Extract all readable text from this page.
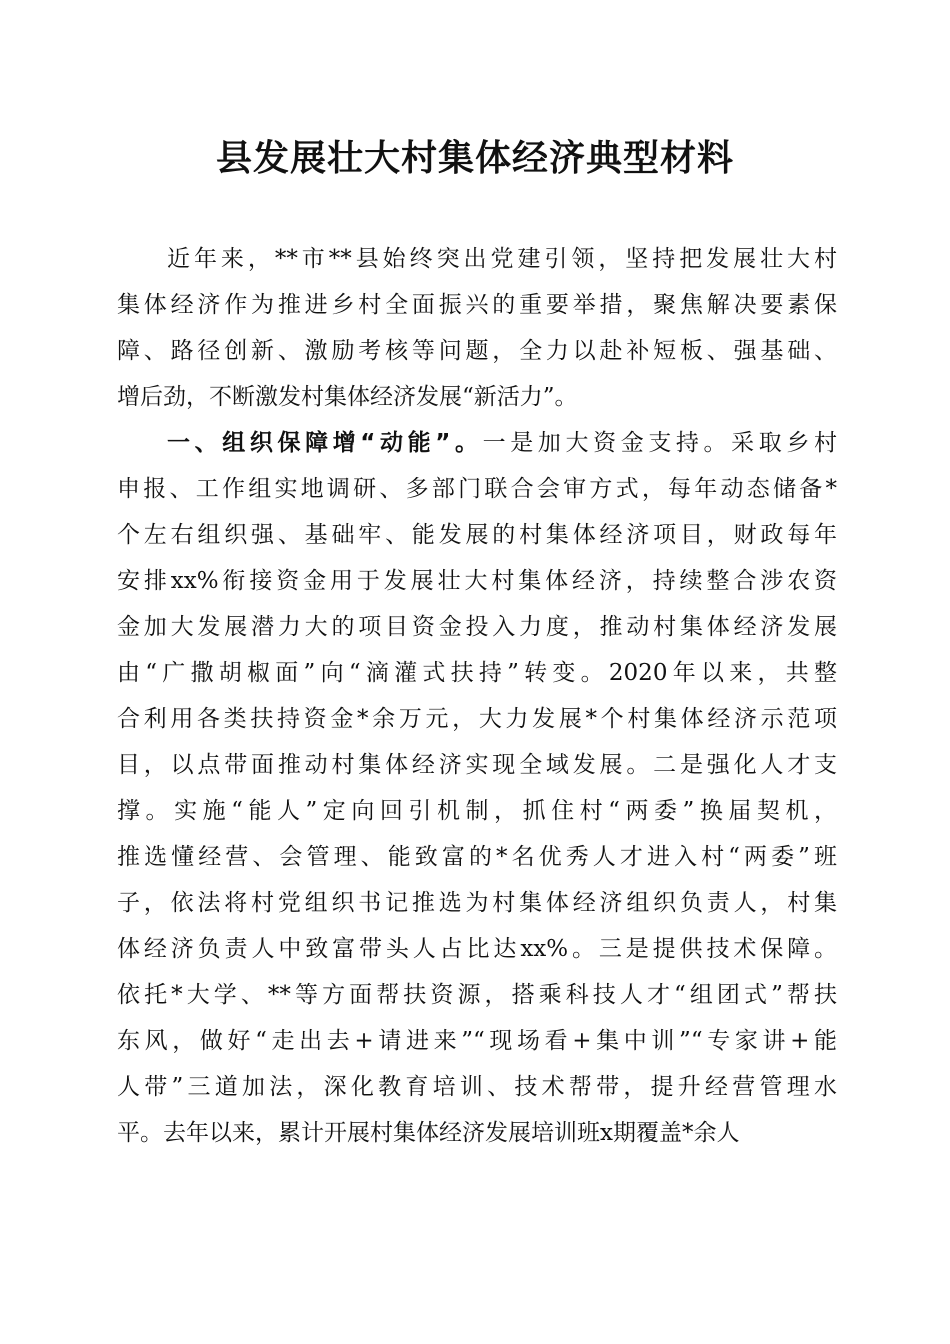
县发展壮大村集体经济典型材料
近年来，**市**县始终突出党建引领，坚持把发展壮大村
集体经济作为推进乡村全面振兴的重要举措，聚焦解决要素保
障、路径创新、激励考核等问题，全力以赴补短板、强基础、
增后劲，不断激发村集体经济发展“新活力”。
一、组织保障增“动能”。一是加大资金支持。采取乡村
申报、工作组实地调研、多部门联合会审方式，每年动态储备*
个左右组织强、基础牢、能发展的村集体经济项目，财政每年
安排xx%衔接资金用于发展壮大村集体经济，持续整合涉农资
金加大发展潜力大的项目资金投入力度，推动村集体经济发展
由“广撒胡椒面”向“滴灌式扶持”转变。2020年以来，共整
合利用各类扶持资金*余万元，大力发展*个村集体经济示范项
目，以点带面推动村集体经济实现全域发展。二是强化人才支
撑。实施“能人”定向回引机制，抓住村“两委”换届契机，
推选懂经营、会管理、能致富的*名优秀人才进入村“两委”班
子，依法将村党组织书记推选为村集体经济组织负责人，村集
体经济负责人中致富带头人占比达xx%。三是提供技术保障。
依托*大学、**等方面帮扶资源，搭乘科技人才“组团式”帮扶
东风，做好“走出去+请进来”“现场看+集中训”“专家讲+能
人带”三道加法，深化教育培训、技术帮带，提升经营管理水
平。去年以来，累计开展村集体经济发展培训班x期覆盖*余人
